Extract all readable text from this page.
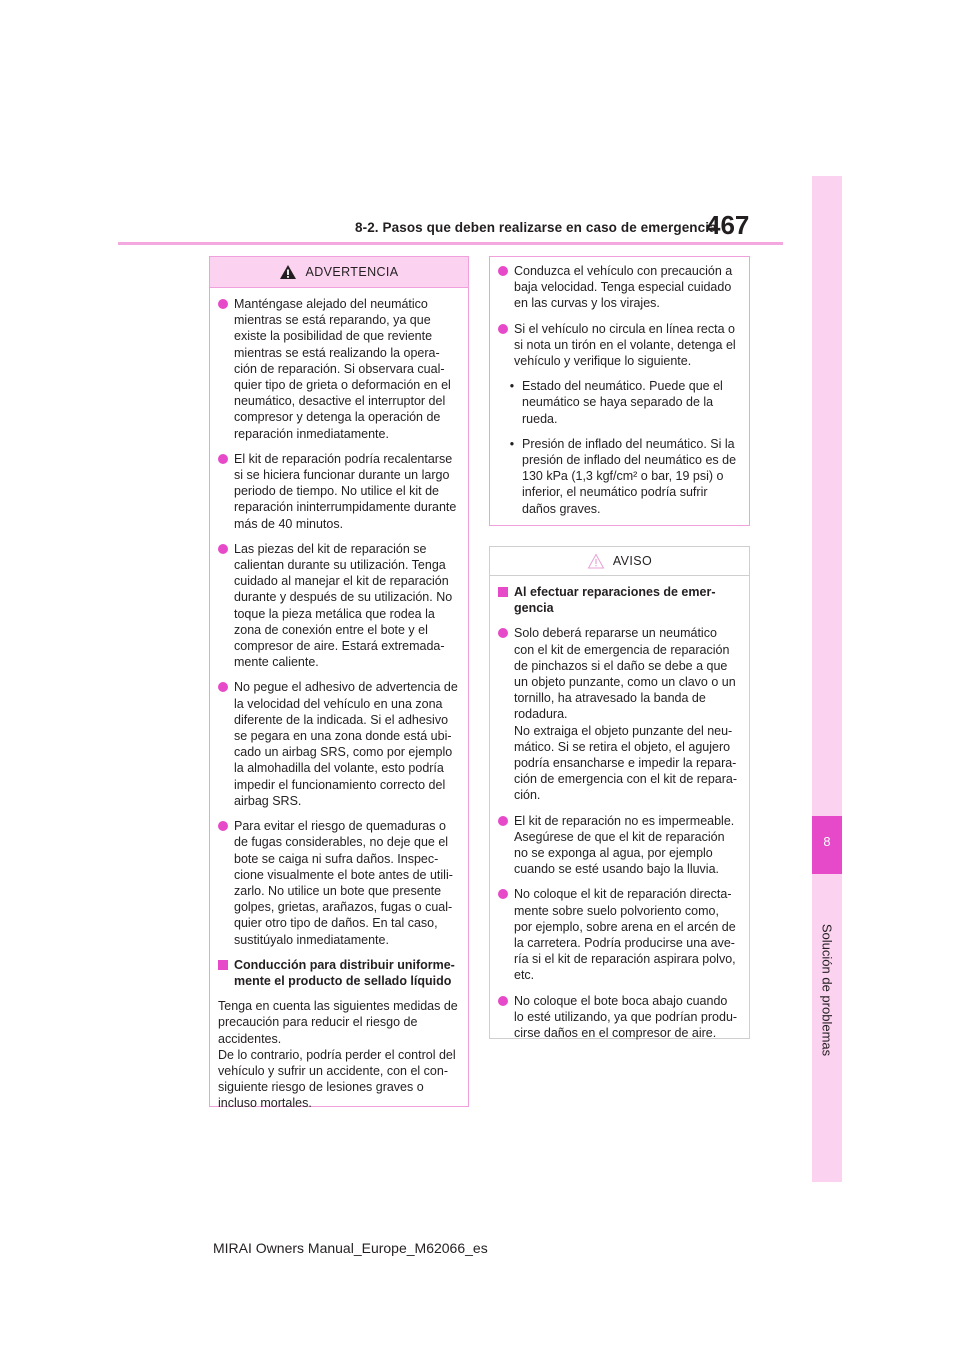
8-2. Pasos que deben realizarse en caso de emergencia
467
8
Solución de problemas
ADVERTENCIA
Manténgase alejado del neumático mientras se está reparando, ya que existe la posibilidad de que reviente mientras se está realizando la opera-ción de reparación. Si observara cual-quier tipo de grieta o deformación en el neumático, desactive el interruptor del compresor y detenga la operación de reparación inmediatamente.
El kit de reparación podría recalentarse si se hiciera funcionar durante un largo periodo de tiempo. No utilice el kit de reparación ininterrumpidamente durante más de 40 minutos.
Las piezas del kit de reparación se calientan durante su utilización. Tenga cuidado al manejar el kit de reparación durante y después de su utilización. No toque la pieza metálica que rodea la zona de conexión entre el bote y el compresor de aire. Estará extremada-mente caliente.
No pegue el adhesivo de advertencia de la velocidad del vehículo en una zona diferente de la indicada. Si el adhesivo se pegara en una zona donde está ubi-cado un airbag SRS, como por ejemplo la almohadilla del volante, esto podría impedir el funcionamiento correcto del airbag SRS.
Para evitar el riesgo de quemaduras o de fugas considerables, no deje que el bote se caiga ni sufra daños. Inspec-cione visualmente el bote antes de utili-zarlo. No utilice un bote que presente golpes, grietas, arañazos, fugas o cual-quier otro tipo de daños. En tal caso, sustitúyalo inmediatamente.
Conducción para distribuir uniforme-mente el producto de sellado líquido
Tenga en cuenta las siguientes medidas de precaución para reducir el riesgo de accidentes.
De lo contrario, podría perder el control del vehículo y sufrir un accidente, con el con-siguiente riesgo de lesiones graves o incluso mortales.
Conduzca el vehículo con precaución a baja velocidad. Tenga especial cuidado en las curvas y los virajes.
Si el vehículo no circula en línea recta o si nota un tirón en el volante, detenga el vehículo y verifique lo siguiente.
• Estado del neumático. Puede que el neumático se haya separado de la rueda.
• Presión de inflado del neumático. Si la presión de inflado del neumático es de 130 kPa (1,3 kgf/cm² o bar, 19 psi) o inferior, el neumático podría sufrir daños graves.
AVISO
Al efectuar reparaciones de emer-gencia
Solo deberá repararse un neumático con el kit de emergencia de reparación de pinchazos si el daño se debe a que un objeto punzante, como un clavo o un tornillo, ha atravesado la banda de rodadura.
No extraiga el objeto punzante del neu-mático. Si se retira el objeto, el agujero podría ensancharse e impedir la repara-ción de emergencia con el kit de repara-ción.
El kit de reparación no es impermeable. Asegúrese de que el kit de reparación no se exponga al agua, por ejemplo cuando se esté usando bajo la lluvia.
No coloque el kit de reparación directa-mente sobre suelo polvoriento como, por ejemplo, sobre arena en el arcén de la carretera. Podría producirse una ave-ría si el kit de reparación aspirara polvo, etc.
No coloque el bote boca abajo cuando lo esté utilizando, ya que podrían produ-cirse daños en el compresor de aire.
MIRAI Owners Manual_Europe_M62066_es
